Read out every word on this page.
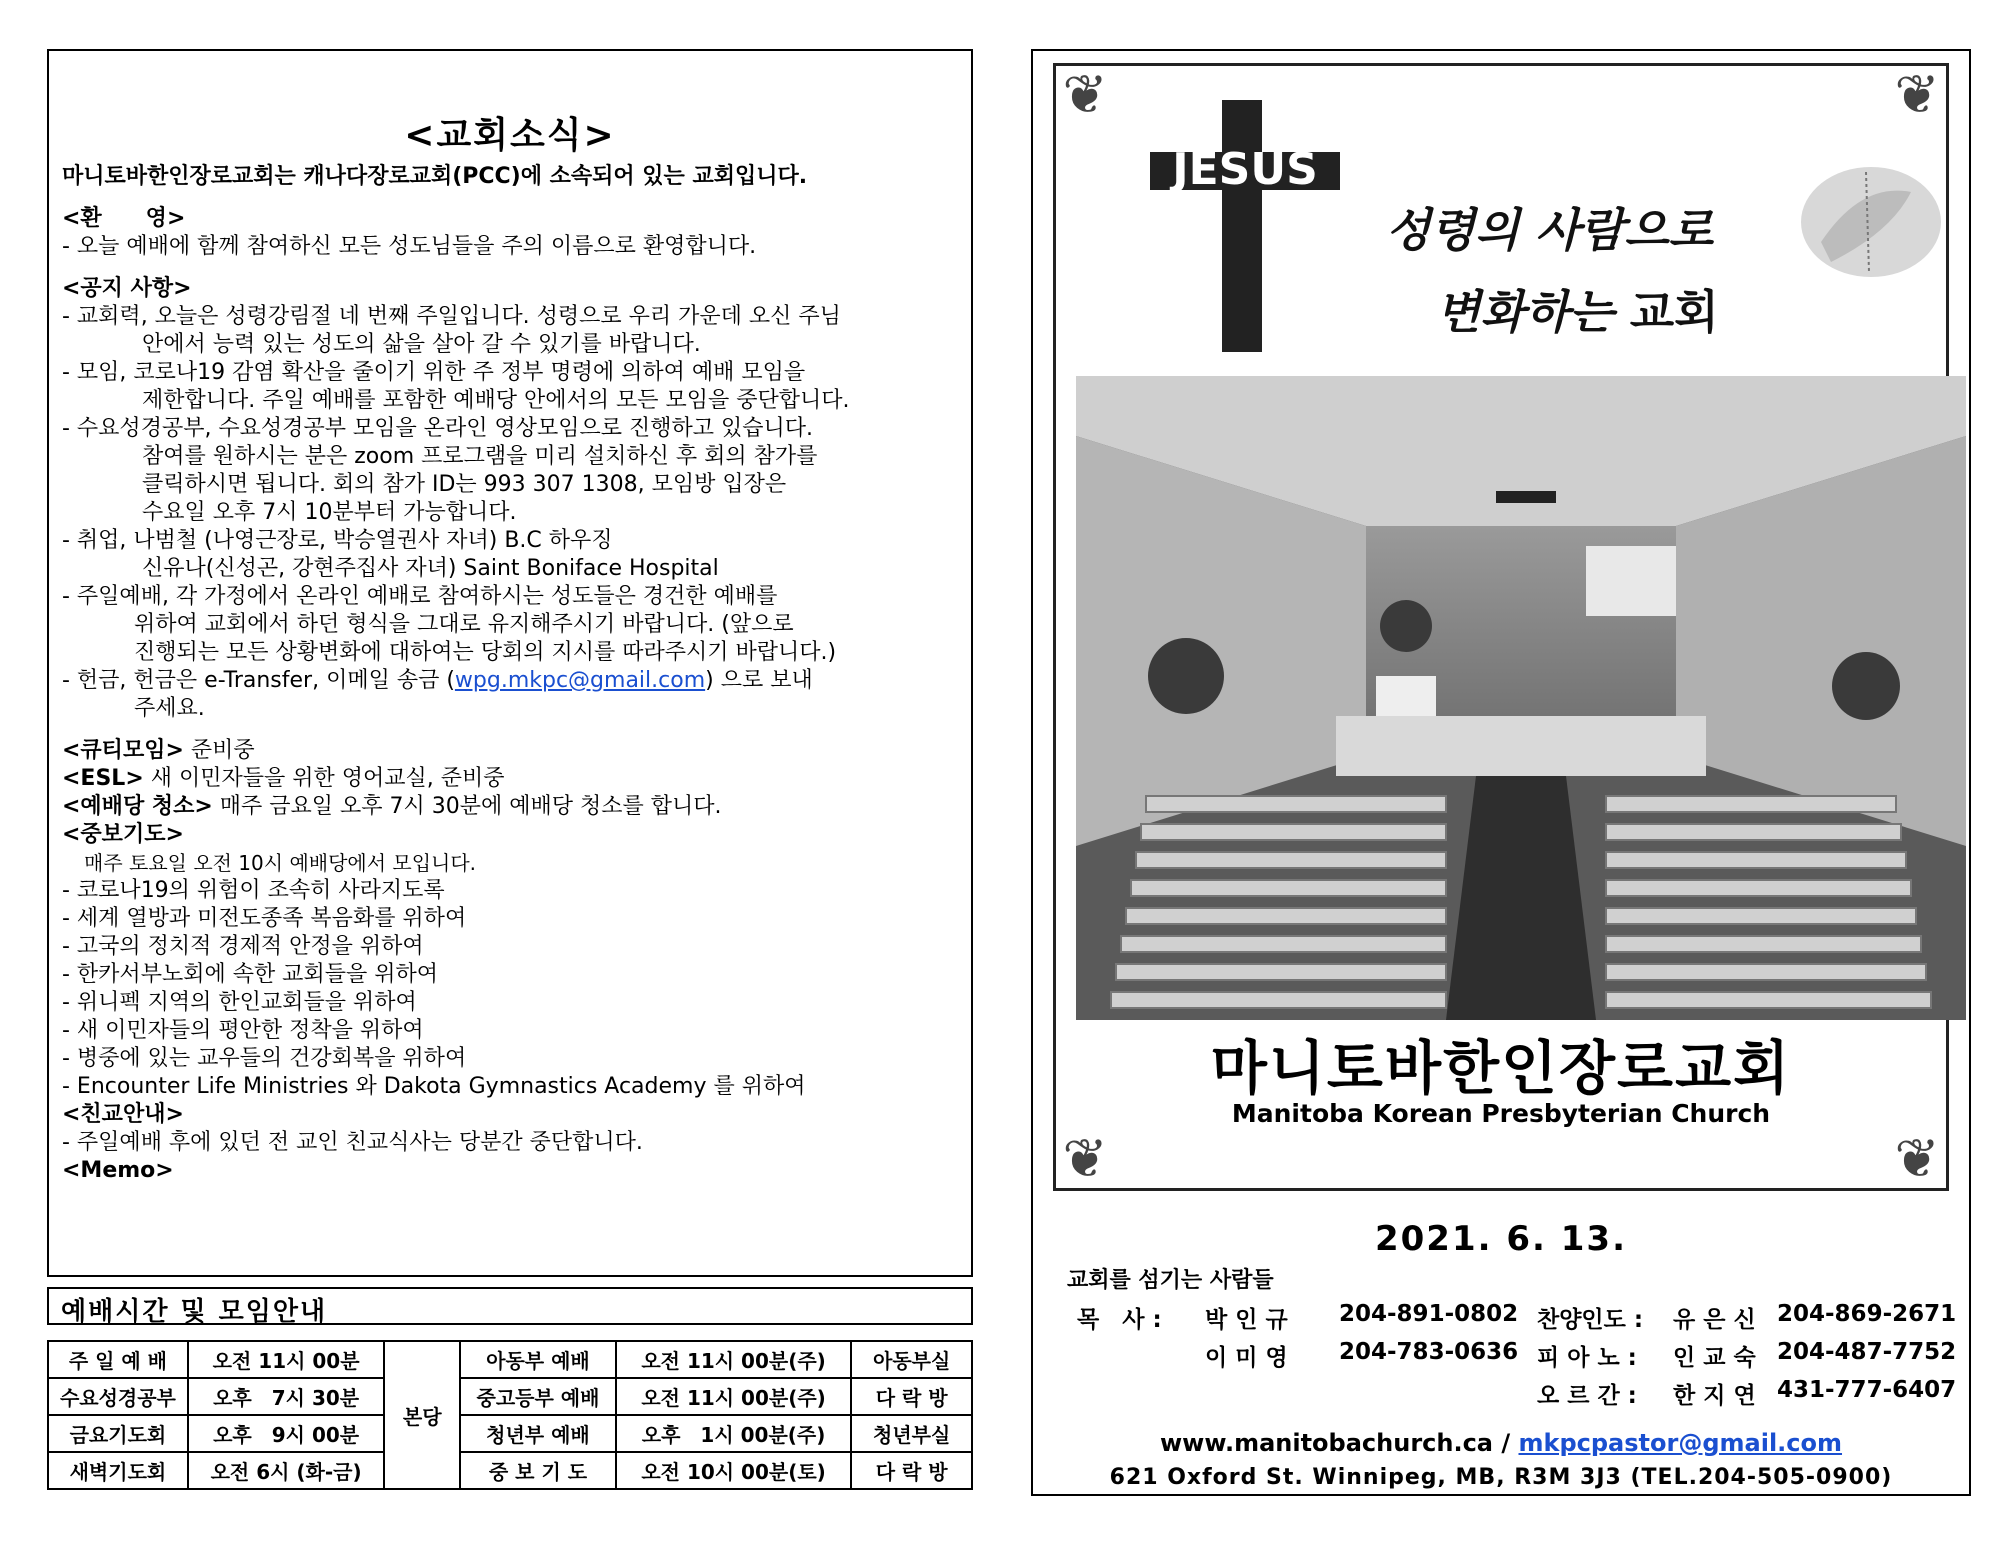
<교회소식>

마니토바한인장로교회는 캐나다장로교회(PCC)에 소속되어 있는 교회입니다.

<환　　영>

- 오늘 예배에 함께 참여하신 모든 성도님들을 주의 이름으로 환영합니다.

<공지 사항>

- 교회력, 오늘은 성령강림절 네 번째 주일입니다. 성령으로 우리 가운데 오신 주님

안에서 능력 있는 성도의 삶을 살아 갈 수 있기를 바랍니다.

- 모임, 코로나19 감염 확산을 줄이기 위한 주 정부 명령에 의하여 예배 모임을

제한합니다. 주일 예배를 포함한 예배당 안에서의 모든 모임을 중단합니다.

- 수요성경공부, 수요성경공부 모임을 온라인 영상모임으로 진행하고 있습니다.

참여를 원하시는 분은 zoom 프로그램을 미리 설치하신 후 회의 참가를

클릭하시면 됩니다. 회의 참가 ID는 993 307 1308, 모임방 입장은

수요일 오후 7시 10분부터 가능합니다.

- 취업, 나범철 (나영근장로, 박승열권사 자녀) B.C 하우징

신유나(신성곤, 강현주집사 자녀) Saint Boniface Hospital

- 주일예배, 각 가정에서 온라인 예배로 참여하시는 성도들은 경건한 예배를

위하여 교회에서 하던 형식을 그대로 유지해주시기 바랍니다. (앞으로

진행되는 모든 상황변화에 대하여는 당회의 지시를 따라주시기 바랍니다.)

- 헌금, 헌금은 e-Transfer, 이메일 송금 (wpg.mkpc@gmail.com) 으로 보내

주세요.

<큐티모임> 준비중

<ESL> 새 이민자들을 위한 영어교실, 준비중

<예배당 청소> 매주 금요일 오후 7시 30분에 예배당 청소를 합니다.

<중보기도>

매주 토요일 오전 10시 예배당에서 모입니다.

- 코로나19의 위험이 조속히 사라지도록

- 세계 열방과 미전도종족 복음화를 위하여

- 고국의 정치적 경제적 안정을 위하여

- 한카서부노회에 속한 교회들을 위하여

- 위니펙 지역의 한인교회들을 위하여

- 새 이민자들의 평안한 정착을 위하여

- 병중에 있는 교우들의 건강회복을 위하여

- Encounter Life Ministries 와 Dakota Gymnastics Academy 를 위하여

<친교안내>

- 주일예배 후에 있던 전 교인 친교식사는 당분간 중단합니다.

<Memo>

예배시간 및 모임안내
주 일 예 배	오전 11시 00분	본당	아동부 예배	오전 11시 00분(주)	아동부실
수요성경공부	오후　7시 30분		중고등부 예배	오전 11시 00분(주)	다 락 방
금요기도회	오후　9시 00분		청년부 예배	오후　1시 00분(주)	청년부실
새벽기도회	오전 6시 (화-금)		중 보 기 도	오전 10시 00분(토)	다 락 방
❦	❦
❦	❦
JESUS
성령의 사람으로
변화하는 교회
마니토바한인장로교회
Manitoba Korean Presbyterian Church
2021. 6. 13.
교회를 섬기는 사람들
목　사 : 박 인 규 204-891-0802
이 미 영 204-783-0636
찬양인도 : 유 은 신 204-869-2671
피 아 노 : 인 교 숙 204-487-7752
오 르 간 : 한 지 연 431-777-6407
www.manitobachurch.ca / mkpcpastor@gmail.com
621 Oxford St. Winnipeg, MB, R3M 3J3 (TEL.204-505-0900)
